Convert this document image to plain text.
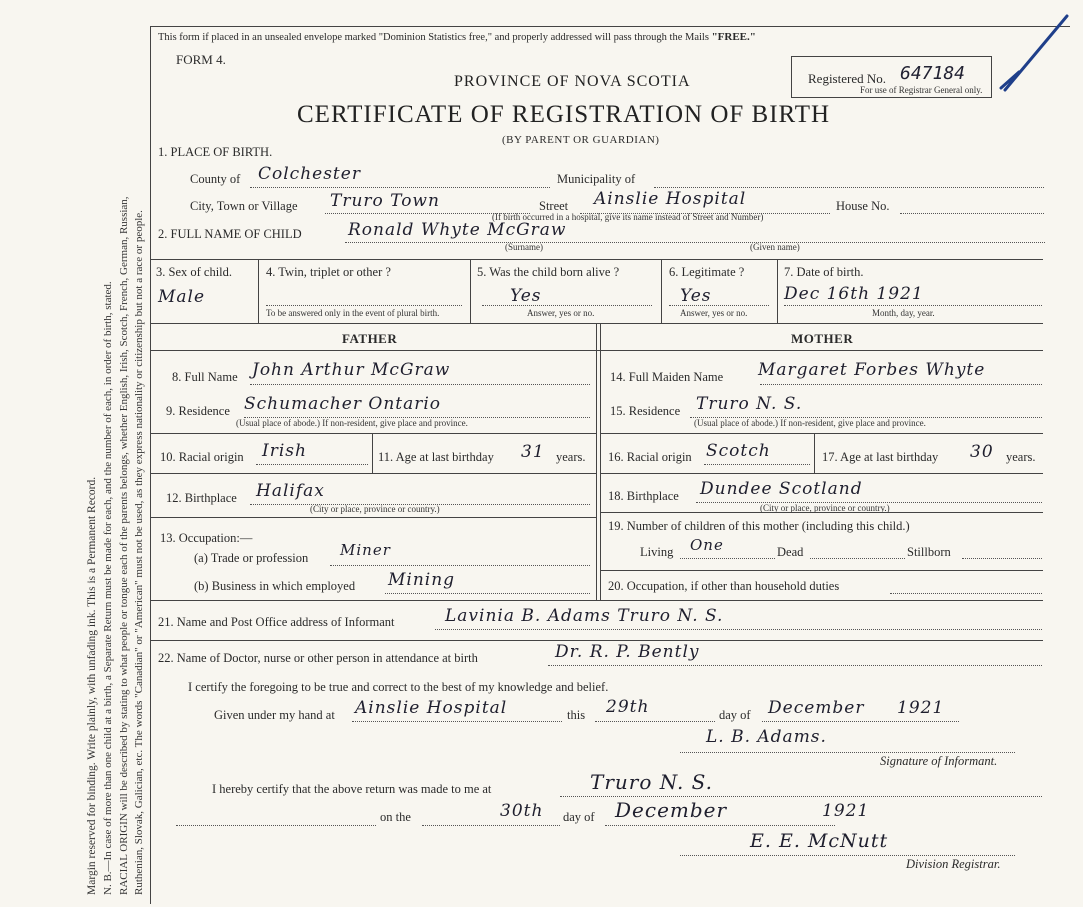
Margin reserved for binding. Write plainly, with unfading ink. This is a Permanent Record. N. B.—In case of more than one child at a birth, a Separate Return must be made for each, and the number of each, in order of birth, stated. RACIAL ORIGIN will be described by stating to what people or tongue each of the parents belongs, whether English, Irish, Scotch, French, German, Russian, Ruthenian, Slovak, Galician, etc. The words "Canadian" or "American" must not be used, as they express nationality or citizenship but not a race or people.
This form if placed in an unsealed envelope marked "Dominion Statistics free," and properly addressed will pass through the Mails "FREE."
FORM 4.
Registered No. 647184
For use of Registrar General only.
PROVINCE OF NOVA SCOTIA
CERTIFICATE OF REGISTRATION OF BIRTH
(BY PARENT OR GUARDIAN)
1. PLACE OF BIRTH.
County of Colchester	Municipality of
City, Town or Village Truro Town	Street Ainslie Hospital
(If birth occurred in a hospital, give its name instead of Street and Number)
House No.
2. FULL NAME OF CHILD	Ronald Whyte McGraw
(Surname)	(Given name)
3. Sex of child.
Male
4. Twin, triplet or other ?
To be answered only in the event of plural birth.
5. Was the child born alive ?
Yes
Answer, yes or no.
6. Legitimate ?
Yes
Answer, yes or no.
7. Date of birth.
Dec 16th 1921
Month, day, year.
FATHER	MOTHER
8. Full Name John Arthur McGraw
9. Residence Schumacher Ontario
(Usual place of abode.) If non-resident, give place and province.
10. Racial origin Irish	11. Age at last birthday 31 years.
12. Birthplace Halifax
(City or place, province or country.)
13. Occupation:—
(a) Trade or profession Miner
(b) Business in which employed Mining
14. Full Maiden Name Margaret Forbes Whyte
15. Residence Truro N. S.
(Usual place of abode.) If non-resident, give place and province.
16. Racial origin Scotch	17. Age at last birthday 30 years.
18. Birthplace Dundee Scotland
(City or place, province or country.)
19. Number of children of this mother (including this child.)
Living One	Dead	Stillborn
20. Occupation, if other than household duties
21. Name and Post Office address of Informant	Lavinia B. Adams Truro N. S.
22. Name of Doctor, nurse or other person in attendance at birth	Dr. R. P. Bently
I certify the foregoing to be true and correct to the best of my knowledge and belief.
Given under my hand at Ainslie Hospital	this 29th	day of December 1921
L. B. Adams.
Signature of Informant.
I hereby certify that the above return was made to me at	Truro N. S.
on the	30th day of December	1921
E. E. McNutt
Division Registrar.
